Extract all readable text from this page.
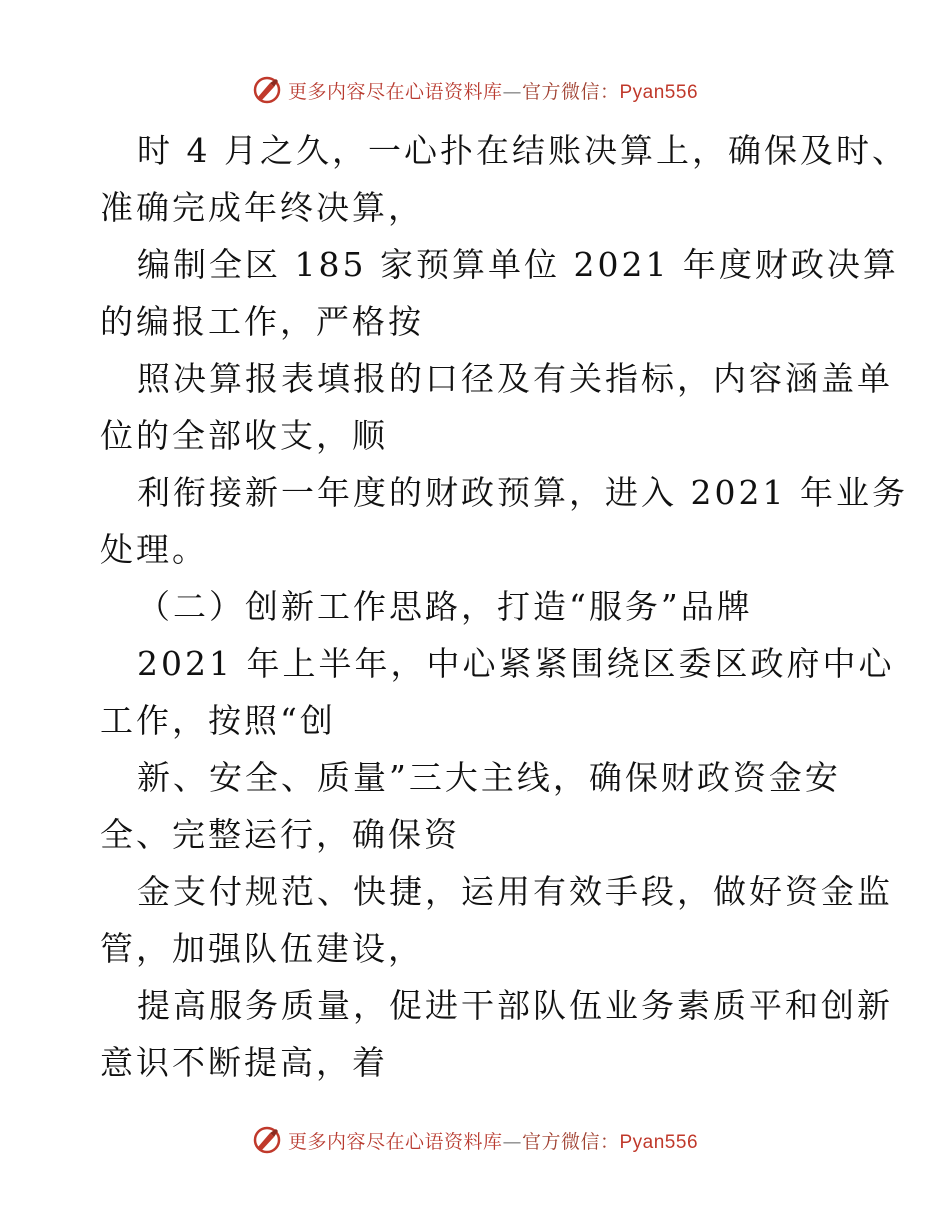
更多内容尽在心语资料库—官方微信：Pyan556

时 4 月之久，一心扑在结账决算上，确保及时、
准确完成年终决算，

编制全区 185 家预算单位 2021 年度财政决算
的编报工作，严格按

照决算报表填报的口径及有关指标，内容涵盖单
位的全部收支，顺

利衔接新一年度的财政预算，进入 2021 年业务
处理。

（二）创新工作思路，打造“服务”品牌

2021 年上半年，中心紧紧围绕区委区政府中心
工作，按照“创

新、安全、质量”三大主线，确保财政资金安
全、完整运行，确保资

金支付规范、快捷，运用有效手段，做好资金监
管，加强队伍建设，

提高服务质量，促进干部队伍业务素质平和创新
意识不断提高，着

更多内容尽在心语资料库—官方微信：Pyan556
